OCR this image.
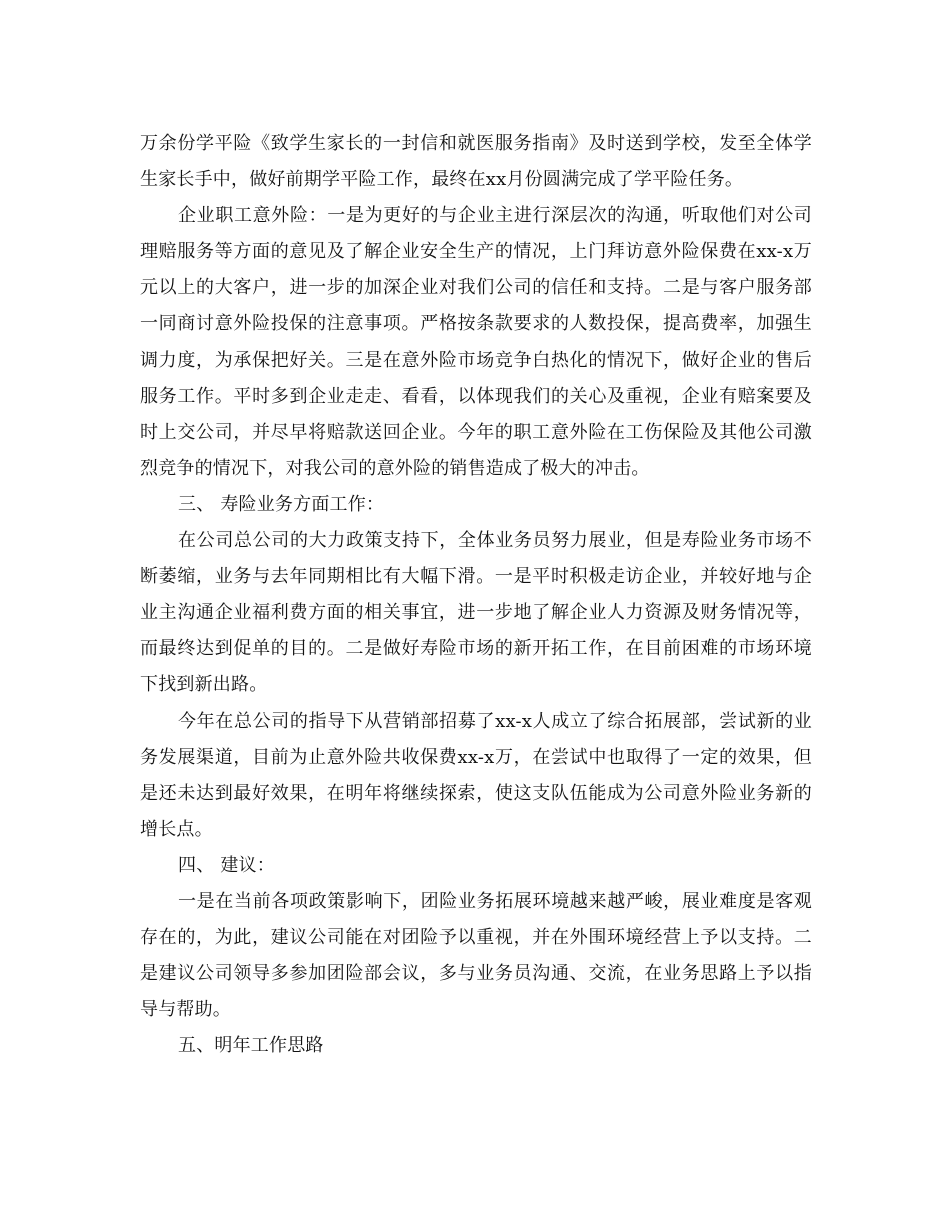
万余份学平险《致学生家长的一封信和就医服务指南》及时送到学校，发至全体学生家长手中，做好前期学平险工作，最终在xx月份圆满完成了学平险任务。

企业职工意外险：一是为更好的与企业主进行深层次的沟通，听取他们对公司理赔服务等方面的意见及了解企业安全生产的情况，上门拜访意外险保费在xx-x万元以上的大客户，进一步的加深企业对我们公司的信任和支持。二是与客户服务部一同商讨意外险投保的注意事项。严格按条款要求的人数投保，提高费率，加强生调力度，为承保把好关。三是在意外险市场竞争白热化的情况下，做好企业的售后服务工作。平时多到企业走走、看看，以体现我们的关心及重视，企业有赔案要及时上交公司，并尽早将赔款送回企业。今年的职工意外险在工伤保险及其他公司激烈竞争的情况下，对我公司的意外险的销售造成了极大的冲击。

三、 寿险业务方面工作：

在公司总公司的大力政策支持下，全体业务员努力展业，但是寿险业务市场不断萎缩，业务与去年同期相比有大幅下滑。一是平时积极走访企业，并较好地与企业主沟通企业福利费方面的相关事宜，进一步地了解企业人力资源及财务情况等，而最终达到促单的目的。二是做好寿险市场的新开拓工作，在目前困难的市场环境下找到新出路。

今年在总公司的指导下从营销部招募了xx-x人成立了综合拓展部，尝试新的业务发展渠道，目前为止意外险共收保费xx-x万，在尝试中也取得了一定的效果，但是还未达到最好效果，在明年将继续探索，使这支队伍能成为公司意外险业务新的增长点。

四、 建议：

一是在当前各项政策影响下，团险业务拓展环境越来越严峻，展业难度是客观存在的，为此，建议公司能在对团险予以重视，并在外围环境经营上予以支持。二是建议公司领导多参加团险部会议，多与业务员沟通、交流，在业务思路上予以指导与帮助。

五、明年工作思路
